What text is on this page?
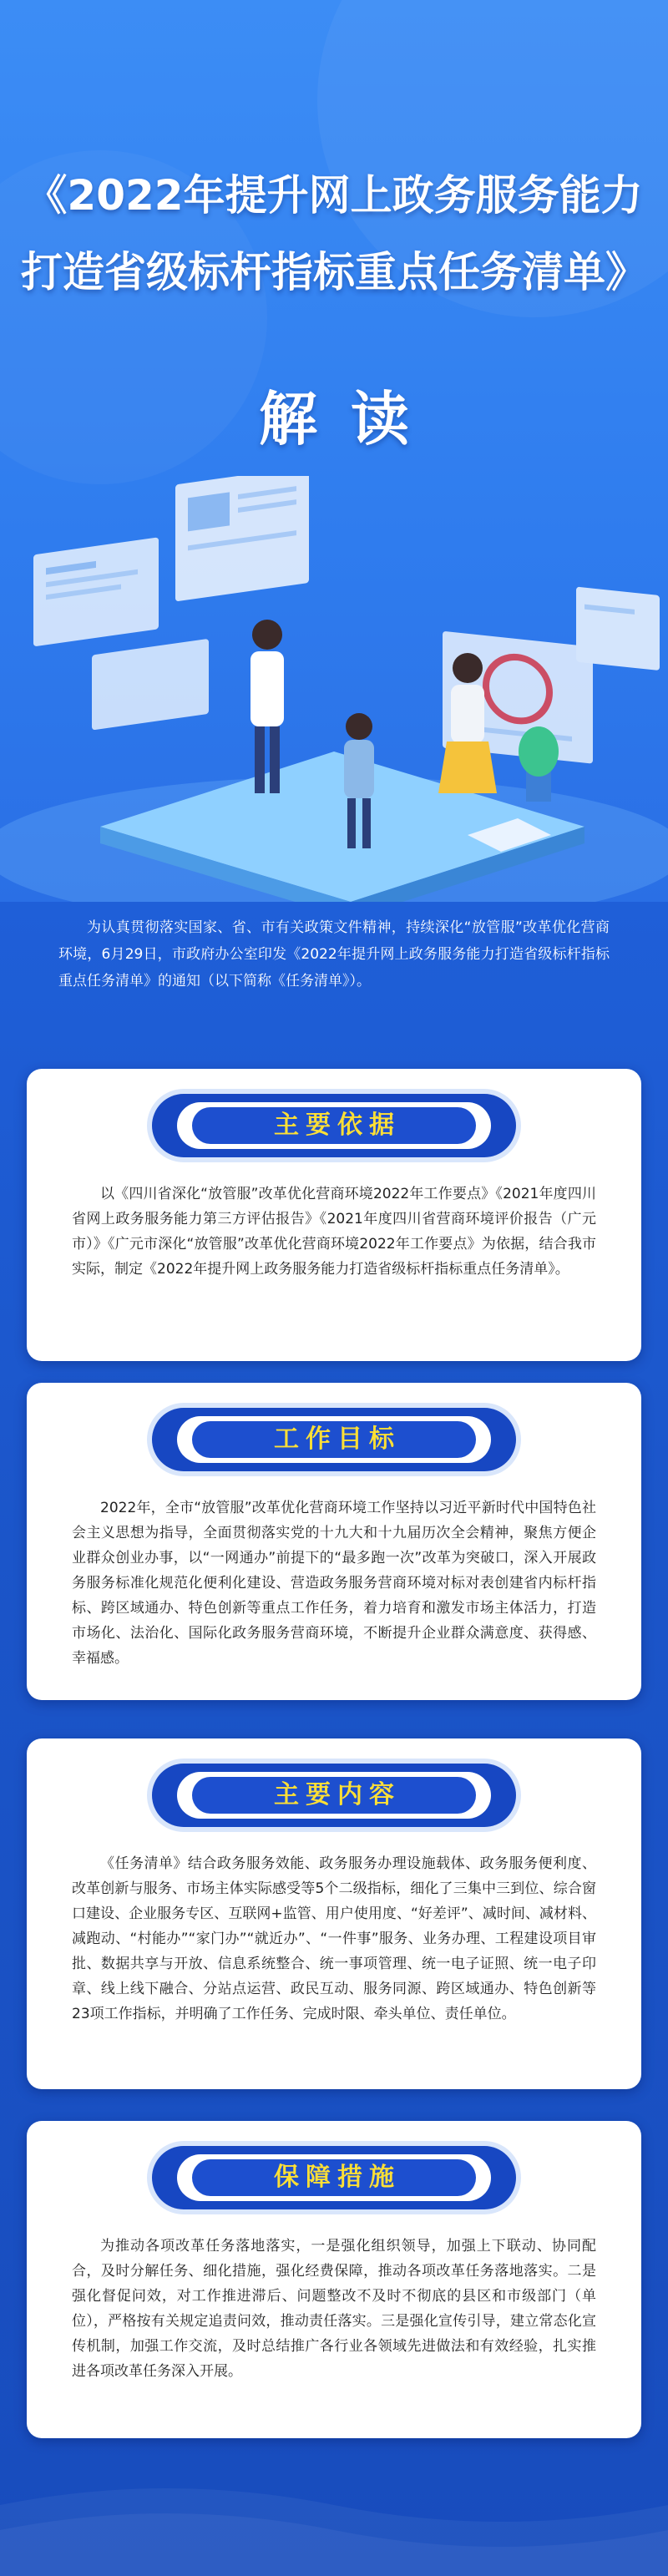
《2022年提升网上政务服务能力
打造省级标杆指标重点任务清单》
解读
为认真贯彻落实国家、省、市有关政策文件精神，持续深化“放管服”改革优化营商环境，6月29日，市政府办公室印发《2022年提升网上政务服务能力打造省级标杆指标重点任务清单》的通知（以下简称《任务清单》）。
主要依据
以《四川省深化“放管服”改革优化营商环境2022年工作要点》《2021年度四川省网上政务服务能力第三方评估报告》《2021年度四川省营商环境评价报告（广元市）》《广元市深化“放管服”改革优化营商环境2022年工作要点》为依据，结合我市实际，制定《2022年提升网上政务服务能力打造省级标杆指标重点任务清单》。
工作目标
2022年，全市“放管服”改革优化营商环境工作坚持以习近平新时代中国特色社会主义思想为指导，全面贯彻落实党的十九大和十九届历次全会精神，聚焦方便企业群众创业办事，以“一网通办”前提下的“最多跑一次”改革为突破口，深入开展政务服务标准化规范化便利化建设、营造政务服务营商环境对标对表创建省内标杆指标、跨区域通办、特色创新等重点工作任务，着力培育和激发市场主体活力，打造市场化、法治化、国际化政务服务营商环境，不断提升企业群众满意度、获得感、幸福感。
主要内容
《任务清单》结合政务服务效能、政务服务办理设施载体、政务服务便利度、改革创新与服务、市场主体实际感受等5个二级指标，细化了三集中三到位、综合窗口建设、企业服务专区、互联网+监管、用户使用度、“好差评”、减时间、减材料、减跑动、“村能办”“家门办”“就近办”、“一件事”服务、业务办理、工程建设项目审批、数据共享与开放、信息系统整合、统一事项管理、统一电子证照、统一电子印章、线上线下融合、分站点运营、政民互动、服务同源、跨区域通办、特色创新等23项工作指标，并明确了工作任务、完成时限、牵头单位、责任单位。
保障措施
为推动各项改革任务落地落实，一是强化组织领导，加强上下联动、协同配合，及时分解任务、细化措施，强化经费保障，推动各项改革任务落地落实。二是强化督促问效，对工作推进滞后、问题整改不及时不彻底的县区和市级部门（单位），严格按有关规定追责问效，推动责任落实。三是强化宣传引导，建立常态化宣传机制，加强工作交流，及时总结推广各行业各领域先进做法和有效经验，扎实推进各项改革任务深入开展。
